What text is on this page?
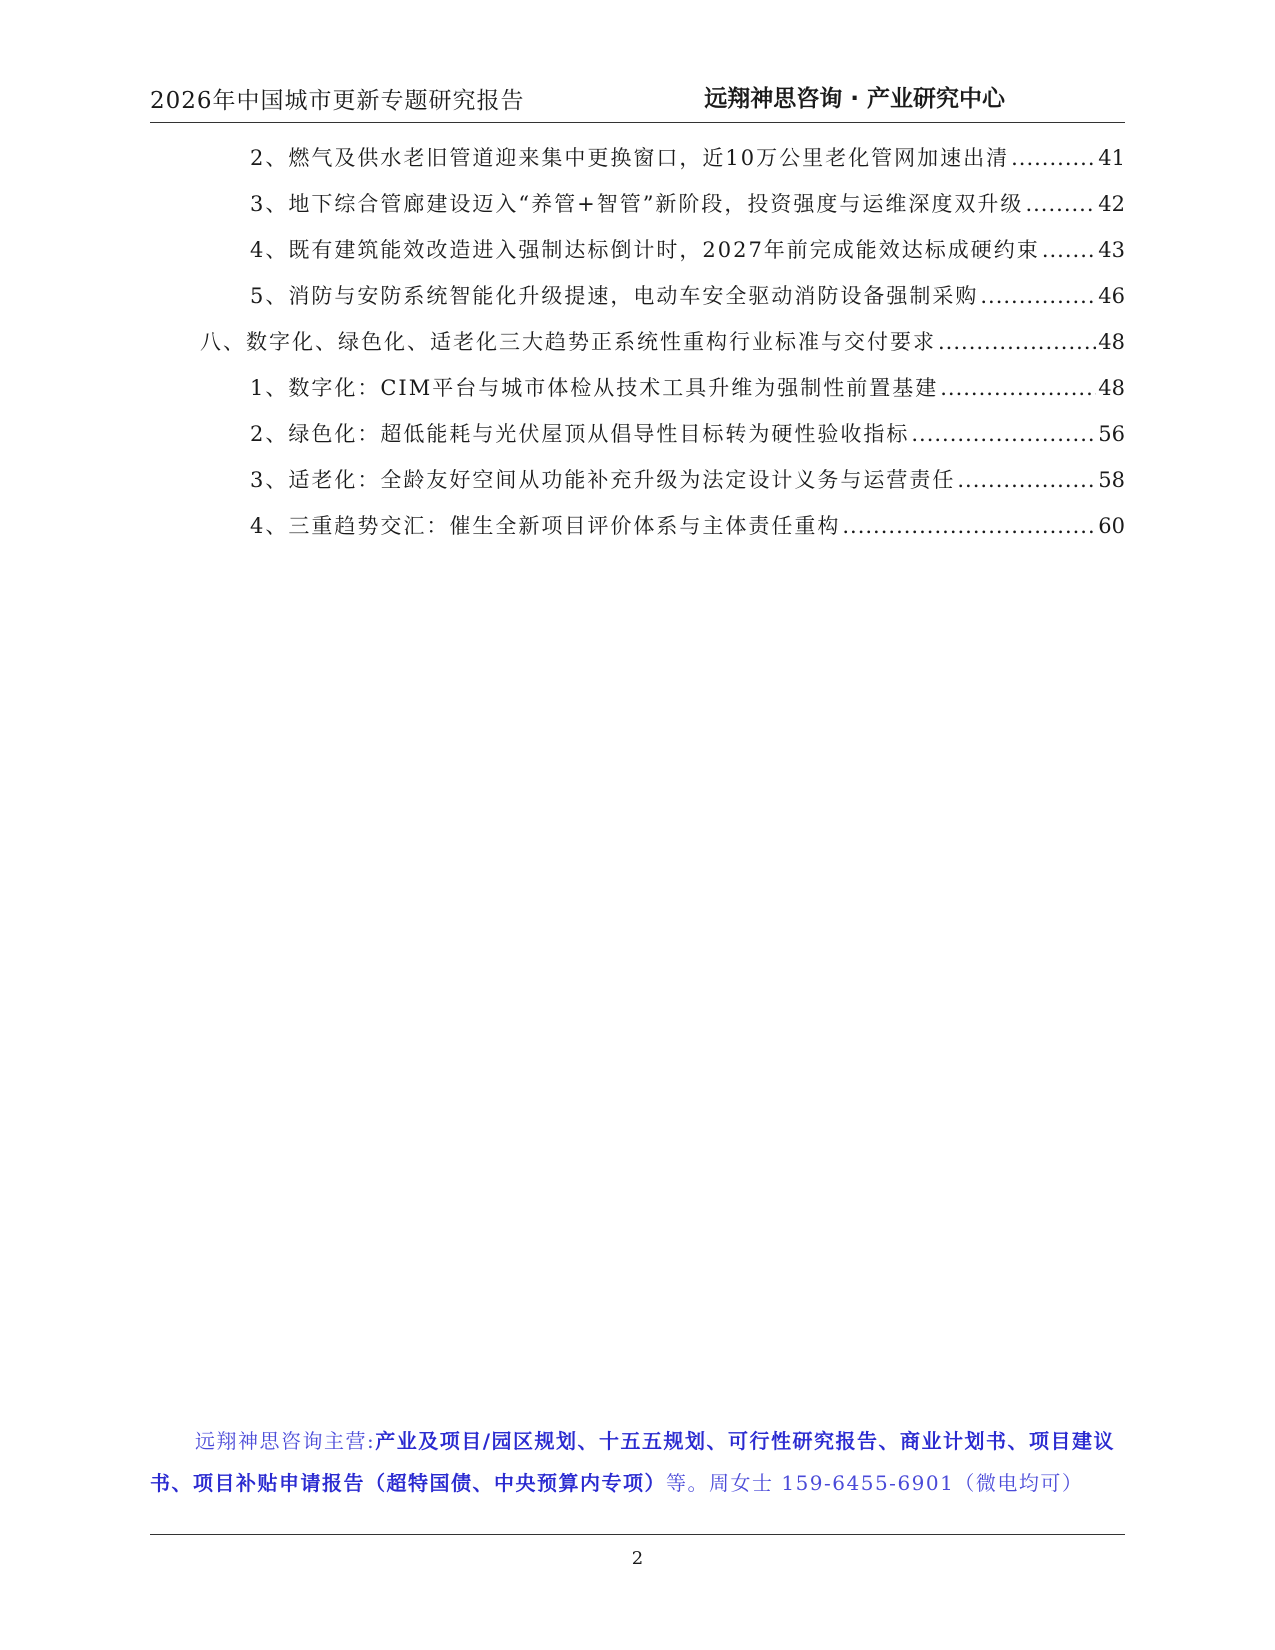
2026年中国城市更新专题研究报告	远翔神思咨询 · 产业研究中心
2、燃气及供水老旧管道迎来集中更换窗口，近10万公里老化管网加速出清 .....	41
3、地下综合管廊建设迈入“养管+智管”新阶段，投资强度与运维深度双升级 .....	42
4、既有建筑能效改造进入强制达标倒计时，2027年前完成能效达标成硬约束 .....	43
5、消防与安防系统智能化升级提速，电动车安全驱动消防设备强制采购 .....	46
八、数字化、绿色化、适老化三大趋势正系统性重构行业标准与交付要求 .....	48
1、数字化：CIM平台与城市体检从技术工具升维为强制性前置基建 .....	48
2、绿色化：超低能耗与光伏屋顶从倡导性目标转为硬性验收指标 .....	56
3、适老化：全龄友好空间从功能补充升级为法定设计义务与运营责任 .....	58
4、三重趋势交汇：催生全新项目评价体系与主体责任重构 .....	60
远翔神思咨询主营:产业及项目/园区规划、十五五规划、可行性研究报告、商业计划书、项目建议书、项目补贴申请报告（超特国债、中央预算内专项）等。周女士 159-6455-6901（微电均可）
2
